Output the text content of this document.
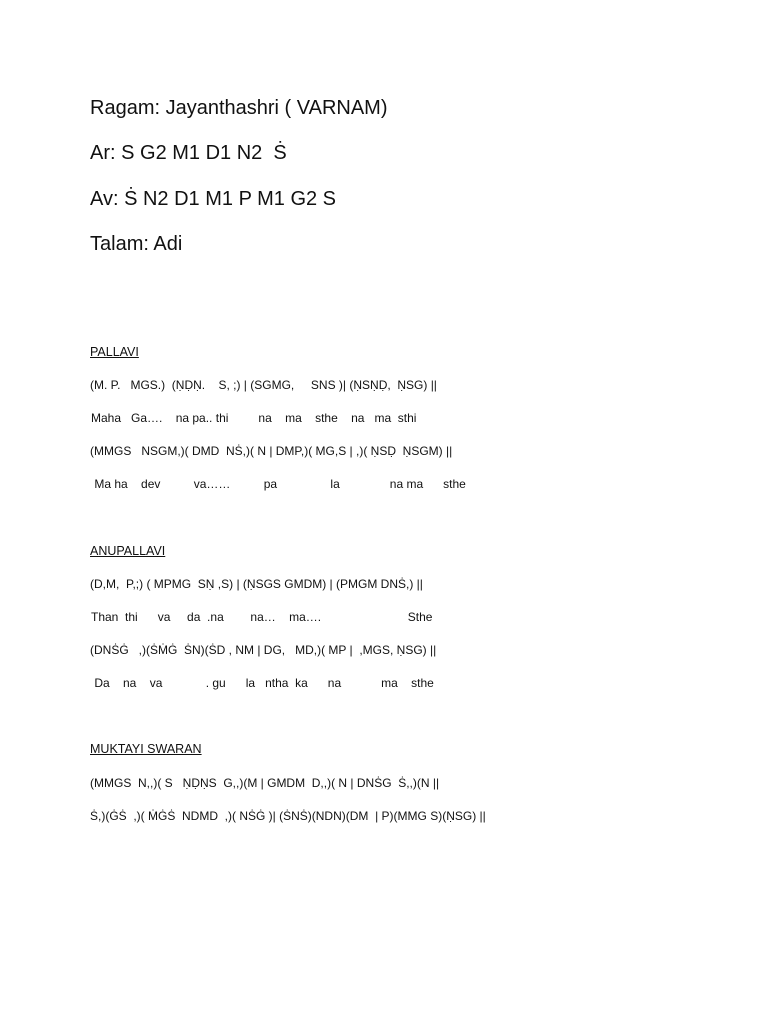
Ragam: Jayanthashri ( VARNAM)
Ar: S G2 M1 D1 N2  Ṡ
Av: Ṡ N2 D1 M1 P M1 G2 S
Talam: Adi
PALLAVI
(M. P.   MGS.)  (ṆḌṆ.    S, ;) | (SGMG,     SNS )| (ṆSṆḌ,  ṆSG) ||
Maha   Ga….    na pa.. thi         na    ma    sthe    na   ma  sthi
(MMGS   NSGM,)( DMD  NṠ,)( N | DMP,)( MG,S | ,)( ṆSḌ  ṆSGM) ||
Ma ha    dev          va……          pa                la               na ma      sthe
ANUPALLAVI
(D,M,  P,;) ( MPMG  SṆ ,S) | (ṆSGS GMDM) | (PMGM DNṠ,) ||
Than  thi      va     da  .na        na…    ma….                          Sthe
(DNṠĠ   ,)(ṠṀĠ  ṠN)(ṠD , NM | DG,   MD,)( MP |  ,MGS, ṆSG) ||
Da    na    va             . gu      la   ntha  ka      na            ma    sthe
MUKTAYI SWARAN
(MMGS  N,,)( S   ṆḌṆS  G,,)(M | GMDM  D,,)( N | DNṠG  Ṡ,,)(N ||
Ṡ,)(ĠṠ  ,)( ṀĠṠ  NDMD  ,)( NṠĠ )| (ṠNṠ)(NDN)(DM  | P)(MMG S)(ṆSG) ||
